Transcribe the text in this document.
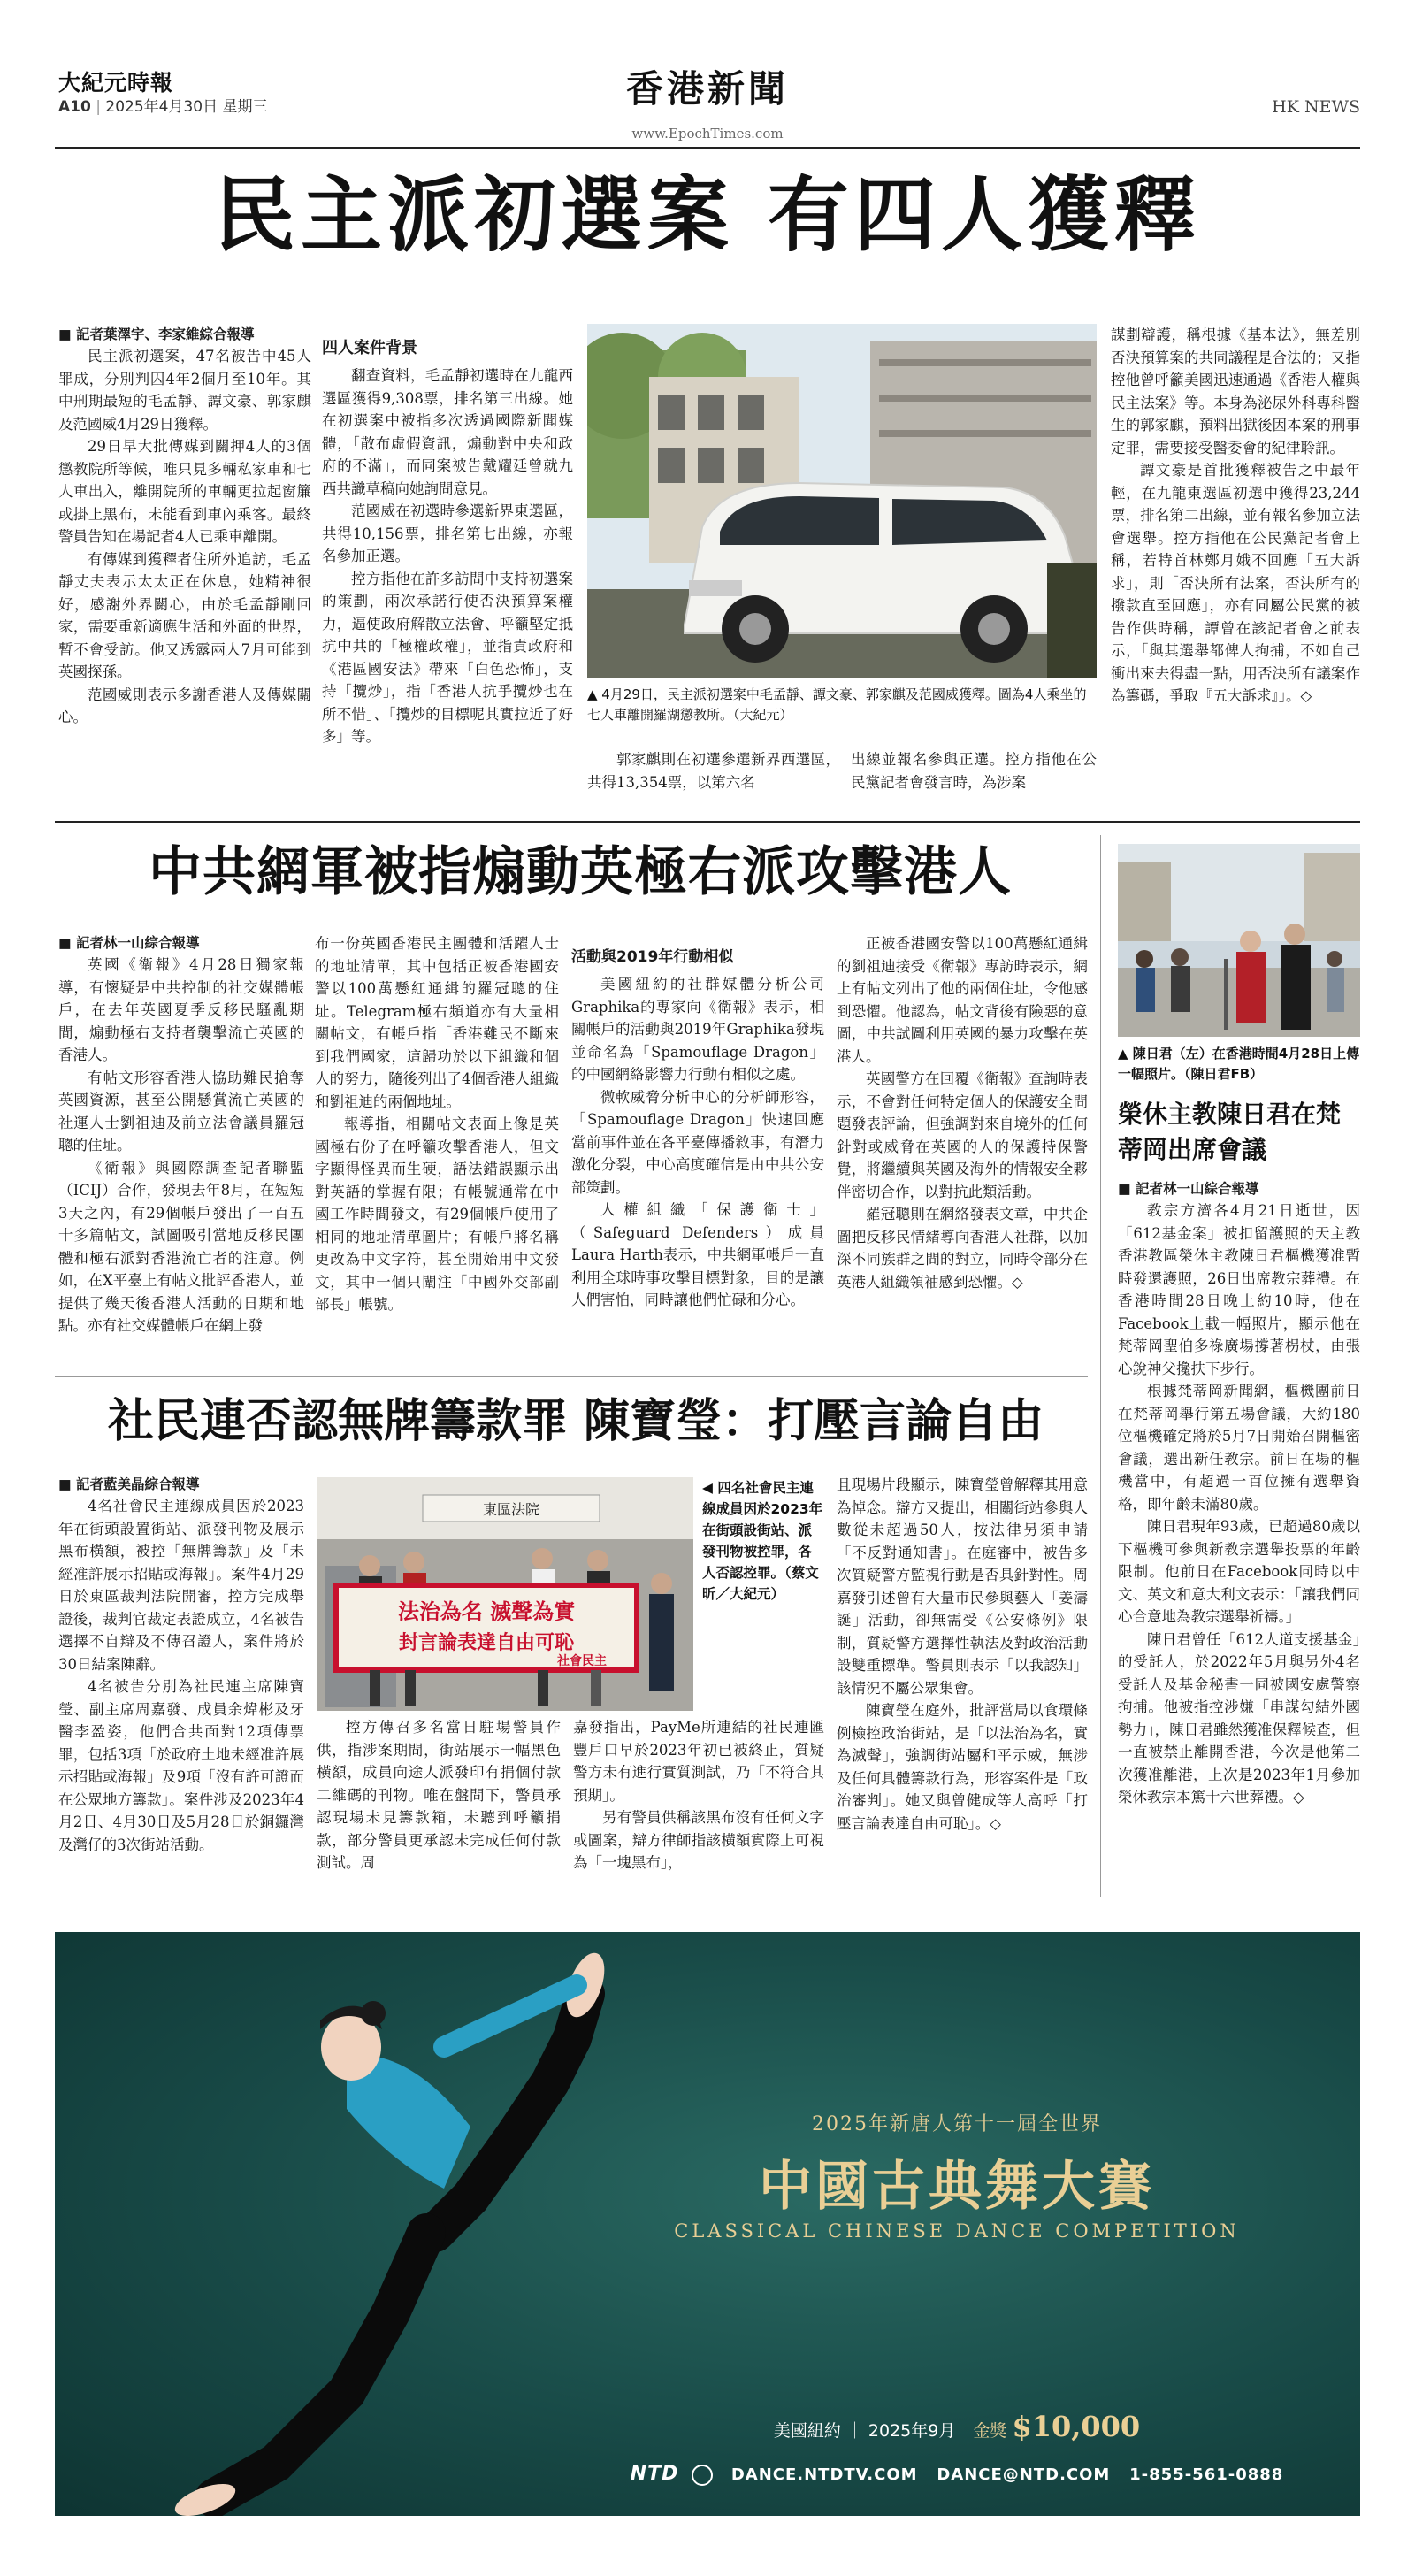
大紀元時報
A10 | 2025年4月30日 星期三	香港新聞
www.EpochTimes.com
HK NEWS
民主派初選案 有四人獲釋

■ 記者葉澤宇、李家維綜合報導

民主派初選案，47名被告中45人罪成，分別判囚4年2個月至10年。其中刑期最短的毛孟靜、譚文豪、郭家麒及范國威4月29日獲釋。

29日早大批傳媒到關押4人的3個懲教院所等候，唯只見多輛私家車和七人車出入，離開院所的車輛更拉起窗簾或掛上黑布，未能看到車內乘客。最終警員告知在場記者4人已乘車離開。

有傳媒到獲釋者住所外追訪，毛孟靜丈夫表示太太正在休息，她精神很好，感謝外界關心，由於毛孟靜剛回家，需要重新適應生活和外面的世界，暫不會受訪。他又透露兩人7月可能到英國探孫。

范國威則表示多謝香港人及傳媒關心。

四人案件背景

翻查資料，毛孟靜初選時在九龍西選區獲得9,308票，排名第三出線。她在初選案中被指多次透過國際新聞媒體，「散布虛假資訊，煽動對中央和政府的不滿」，而同案被告戴耀廷曾就九西共識草稿向她詢問意見。

范國威在初選時參選新界東選區，共得10,156票，排名第七出線，亦報名參加正選。

控方指他在許多訪問中支持初選案的策劃，兩次承諾行使否決預算案權力，逼使政府解散立法會、呼籲堅定抵抗中共的「極權政權」，並指責政府和《港區國安法》帶來「白色恐怖」，支持「攬炒」，指「香港人抗爭攬炒也在所不惜」、「攬炒的目標呢其實拉近了好多」等。

▲ 4月29日，民主派初選案中毛孟靜、譚文豪、郭家麒及范國威獲釋。圖為4人乘坐的七人車離開羅湖懲教所。（大紀元）

郭家麒則在初選參選新界西選區，共得13,354票，以第六名

出線並報名參與正選。控方指他在公民黨記者會發言時，為涉案

謀劃辯護，稱根據《基本法》，無差別否決預算案的共同議程是合法的；又指控他曾呼籲美國迅速通過《香港人權與民主法案》等。本身為泌尿外科專科醫生的郭家麒，預料出獄後因本案的刑事定罪，需要接受醫委會的紀律聆訊。

譚文豪是首批獲釋被告之中最年輕，在九龍東選區初選中獲得23,244票，排名第二出線，並有報名參加立法會選舉。控方指他在公民黨記者會上稱，若特首林鄭月娥不回應「五大訴求」，則「否決所有法案，否決所有的撥款直至回應」，亦有同屬公民黨的被告作供時稱，譚曾在該記者會之前表示，「與其選舉都俾人拘捕，不如自己衝出來去得盡一點，用否決所有議案作為籌碼，爭取『五大訴求』」。◇

中共網軍被指煽動英極右派攻擊港人

■ 記者林一山綜合報導

英國《衛報》4月28日獨家報導，有懷疑是中共控制的社交媒體帳戶，在去年英國夏季反移民騷亂期間，煽動極右支持者襲擊流亡英國的香港人。

有帖文形容香港人協助難民搶奪英國資源，甚至公開懸賞流亡英國的社運人士劉祖迪及前立法會議員羅冠聰的住址。

《衛報》與國際調查記者聯盟（ICIJ）合作，發現去年8月，在短短3天之內，有29個帳戶發出了一百五十多篇帖文，試圖吸引當地反移民團體和極右派對香港流亡者的注意。例如，在X平臺上有帖文批評香港人，並提供了幾天後香港人活動的日期和地點。亦有社交媒體帳戶在網上發

布一份英國香港民主團體和活躍人士的地址清單，其中包括正被香港國安警以100萬懸紅通緝的羅冠聰的住址。Telegram極右頻道亦有大量相關帖文，有帳戶指「香港難民不斷來到我們國家，這歸功於以下組織和個人的努力，隨後列出了4個香港人組織和劉祖迪的兩個地址。

報導指，相關帖文表面上像是英國極右份子在呼籲攻擊香港人，但文字顯得怪異而生硬，語法錯誤顯示出對英語的掌握有限；有帳號通常在中國工作時間發文，有29個帳戶使用了相同的地址清單圖片；有帳戶將名稱更改為中文字符，甚至開始用中文發文，其中一個只闡注「中國外交部副部長」帳號。

活動與2019年行動相似

美國紐約的社群媒體分析公司Graphika的專家向《衛報》表示，相關帳戶的活動與2019年Graphika發現並命名為「Spamouflage Dragon」的中國網絡影響力行動有相似之處。

微軟威脅分析中心的分析師形容，「Spamouflage Dragon」快速回應當前事件並在各平臺傳播敘事，有潛力激化分裂，中心高度確信是由中共公安部策劃。

人權組織「保護衛士」（Safeguard Defenders）成員Laura Harth表示，中共網軍帳戶一直利用全球時事攻擊目標對象，目的是讓人們害怕，同時讓他們忙碌和分心。

正被香港國安警以100萬懸紅通緝的劉祖迪接受《衛報》專訪時表示，網上有帖文列出了他的兩個住址，令他感到恐懼。他認為，帖文背後有險惡的意圖，中共試圖利用英國的暴力攻擊在英港人。

英國警方在回覆《衛報》查詢時表示，不會對任何特定個人的保護安全問題發表評論，但強調對來自境外的任何針對或威脅在英國的人的保護持保警覺，將繼續與英國及海外的情報安全夥伴密切合作，以對抗此類活動。

羅冠聰則在網絡發表文章，中共企圖把反移民情緒導向香港人社群，以加深不同族群之間的對立，同時令部分在英港人組織領袖感到恐懼。◇

▲ 陳日君（左）在香港時間4月28日上傳一幅照片。（陳日君FB）
榮休主教陳日君在梵蒂岡出席會議

■ 記者林一山綜合報導

教宗方濟各4月21日逝世，因「612基金案」被扣留護照的天主教香港教區榮休主教陳日君樞機獲准暫時發還護照，26日出席教宗葬禮。在香港時間28日晚上約10時，他在Facebook上載一幅照片，顯示他在梵蒂岡聖伯多祿廣場撐著枴杖，由張心銳神父攙扶下步行。

根據梵蒂岡新聞網，樞機團前日在梵蒂岡舉行第五場會議，大約180位樞機確定將於5月7日開始召開樞密會議，選出新任教宗。前日在場的樞機當中，有超過一百位擁有選舉資格，即年齡未滿80歲。

陳日君現年93歲，已超過80歲以下樞機可參與新教宗選舉投票的年齡限制。他前日在Facebook同時以中文、英文和意大利文表示：「讓我們同心合意地為教宗選舉祈禱。」

陳日君曾任「612人道支援基金」的受託人，於2022年5月與另外4名受託人及基金秘書一同被國安處警察拘捕。他被指控涉嫌「串謀勾結外國勢力」，陳日君雖然獲准保釋候查，但一直被禁止離開香港，今次是他第二次獲准離港，上次是2023年1月參加榮休教宗本篤十六世葬禮。◇

社民連否認無牌籌款罪 陳寶瑩：打壓言論自由

■ 記者藍美晶綜合報導

4名社會民主連線成員因於2023年在街頭設置街站、派發刊物及展示黑布橫額，被控「無牌籌款」及「未經准許展示招貼或海報」。案件4月29日於東區裁判法院開審，控方完成舉證後，裁判官裁定表證成立，4名被告選擇不自辯及不傳召證人，案件將於30日結案陳辭。

4名被告分別為社民連主席陳寶瑩、副主席周嘉發、成員余煒彬及牙醫李盈姿，他們合共面對12項傳票罪，包括3項「於政府土地未經准許展示招貼或海報」及9項「沒有許可證而在公眾地方籌款」。案件涉及2023年4月2日、4月30日及5月28日於銅鑼灣及灣仔的3次街站活動。

東區法院
法治為名 滅聲為實
封言論表達自由可恥
社會民主
◀ 四名社會民主連線成員因於2023年在街頭設街站、派發刊物被控罪，各人否認控罪。（蔡文昕／大紀元）

控方傳召多名當日駐場警員作供，指涉案期間，街站展示一幅黑色橫額，成員向途人派發印有捐個付款二維碼的刊物。唯在盤問下，警員承認現場未見籌款箱，未聽到呼籲捐款，部分警員更承認未完成任何付款測試。周

嘉發指出，PayMe所連結的社民連匯豐戶口早於2023年初已被終止，質疑警方未有進行實質測試，乃「不符合其預期」。

另有警員供稱該黑布沒有任何文字或圖案，辯方律師指該橫額實際上可視為「一塊黑布」，

且現場片段顯示，陳寶瑩曾解釋其用意為悼念。辯方又提出，相關街站參與人數從未超過50人，按法律另須申請「不反對通知書」。在庭審中，被告多次質疑警方監視行動是否具針對性。周嘉發引述曾有大量市民參與藝人「姜濤誕」活動，卻無需受《公安條例》限制，質疑警方選擇性執法及對政治活動設雙重標準。警員則表示「以我認知」該情況不屬公眾集會。

陳寶瑩在庭外，批評當局以食環條例檢控政治街站，是「以法治為名，實為滅聲」，強調街站屬和平示威，無涉及任何具體籌款行為，形容案件是「政治審判」。她又與曾健成等人高呼「打壓言論表達自由可恥」。◇

2025年新唐人第十一屆全世界
中國古典舞大賽
CLASSICAL CHINESE DANCE COMPETITION
美國紐約 ｜ 2025年9月 金獎 $10,000
NTD	DANCE.NTDTV.COM   DANCE@NTD.COM   1-855-561-0888
